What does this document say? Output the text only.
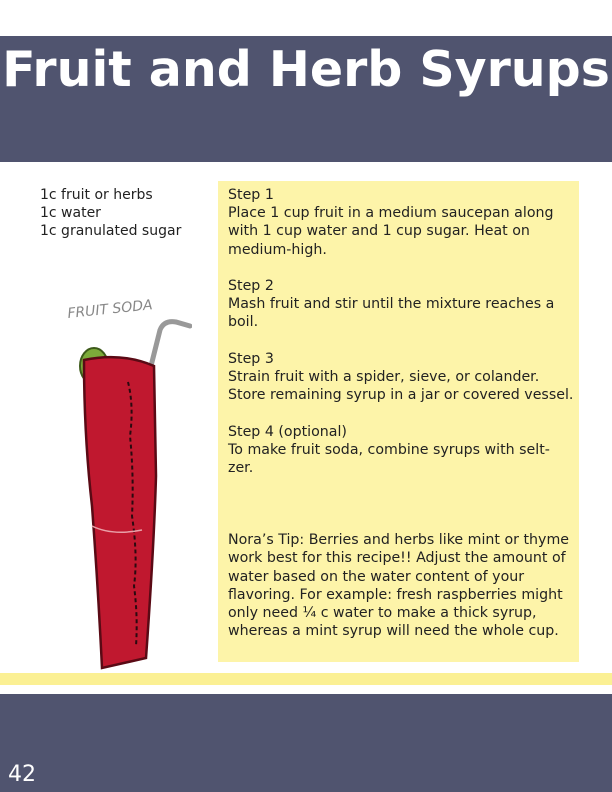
Fruit and Herb Syrups
1c fruit or herbs
1c water
1c granulated sugar
FRUIT SODA
Step 1
Place 1 cup fruit in a medium saucepan along with 1 cup water and 1 cup sugar. Heat on medium-high.
Step 2
Mash fruit and stir until the mixture reaches a boil.
Step 3
Strain fruit with a spider, sieve, or colander. Store remaining syrup in a jar or covered vessel.
Step 4 (optional)
To make fruit soda, combine syrups with selt-zer.
Nora’s Tip: Berries and herbs like mint or thyme work best for this recipe!! Adjust the amount of water based on the water content of your flavoring. For example: fresh raspberries might only need ¼ c water to make a thick syrup, whereas a mint syrup will need the whole cup.
42
